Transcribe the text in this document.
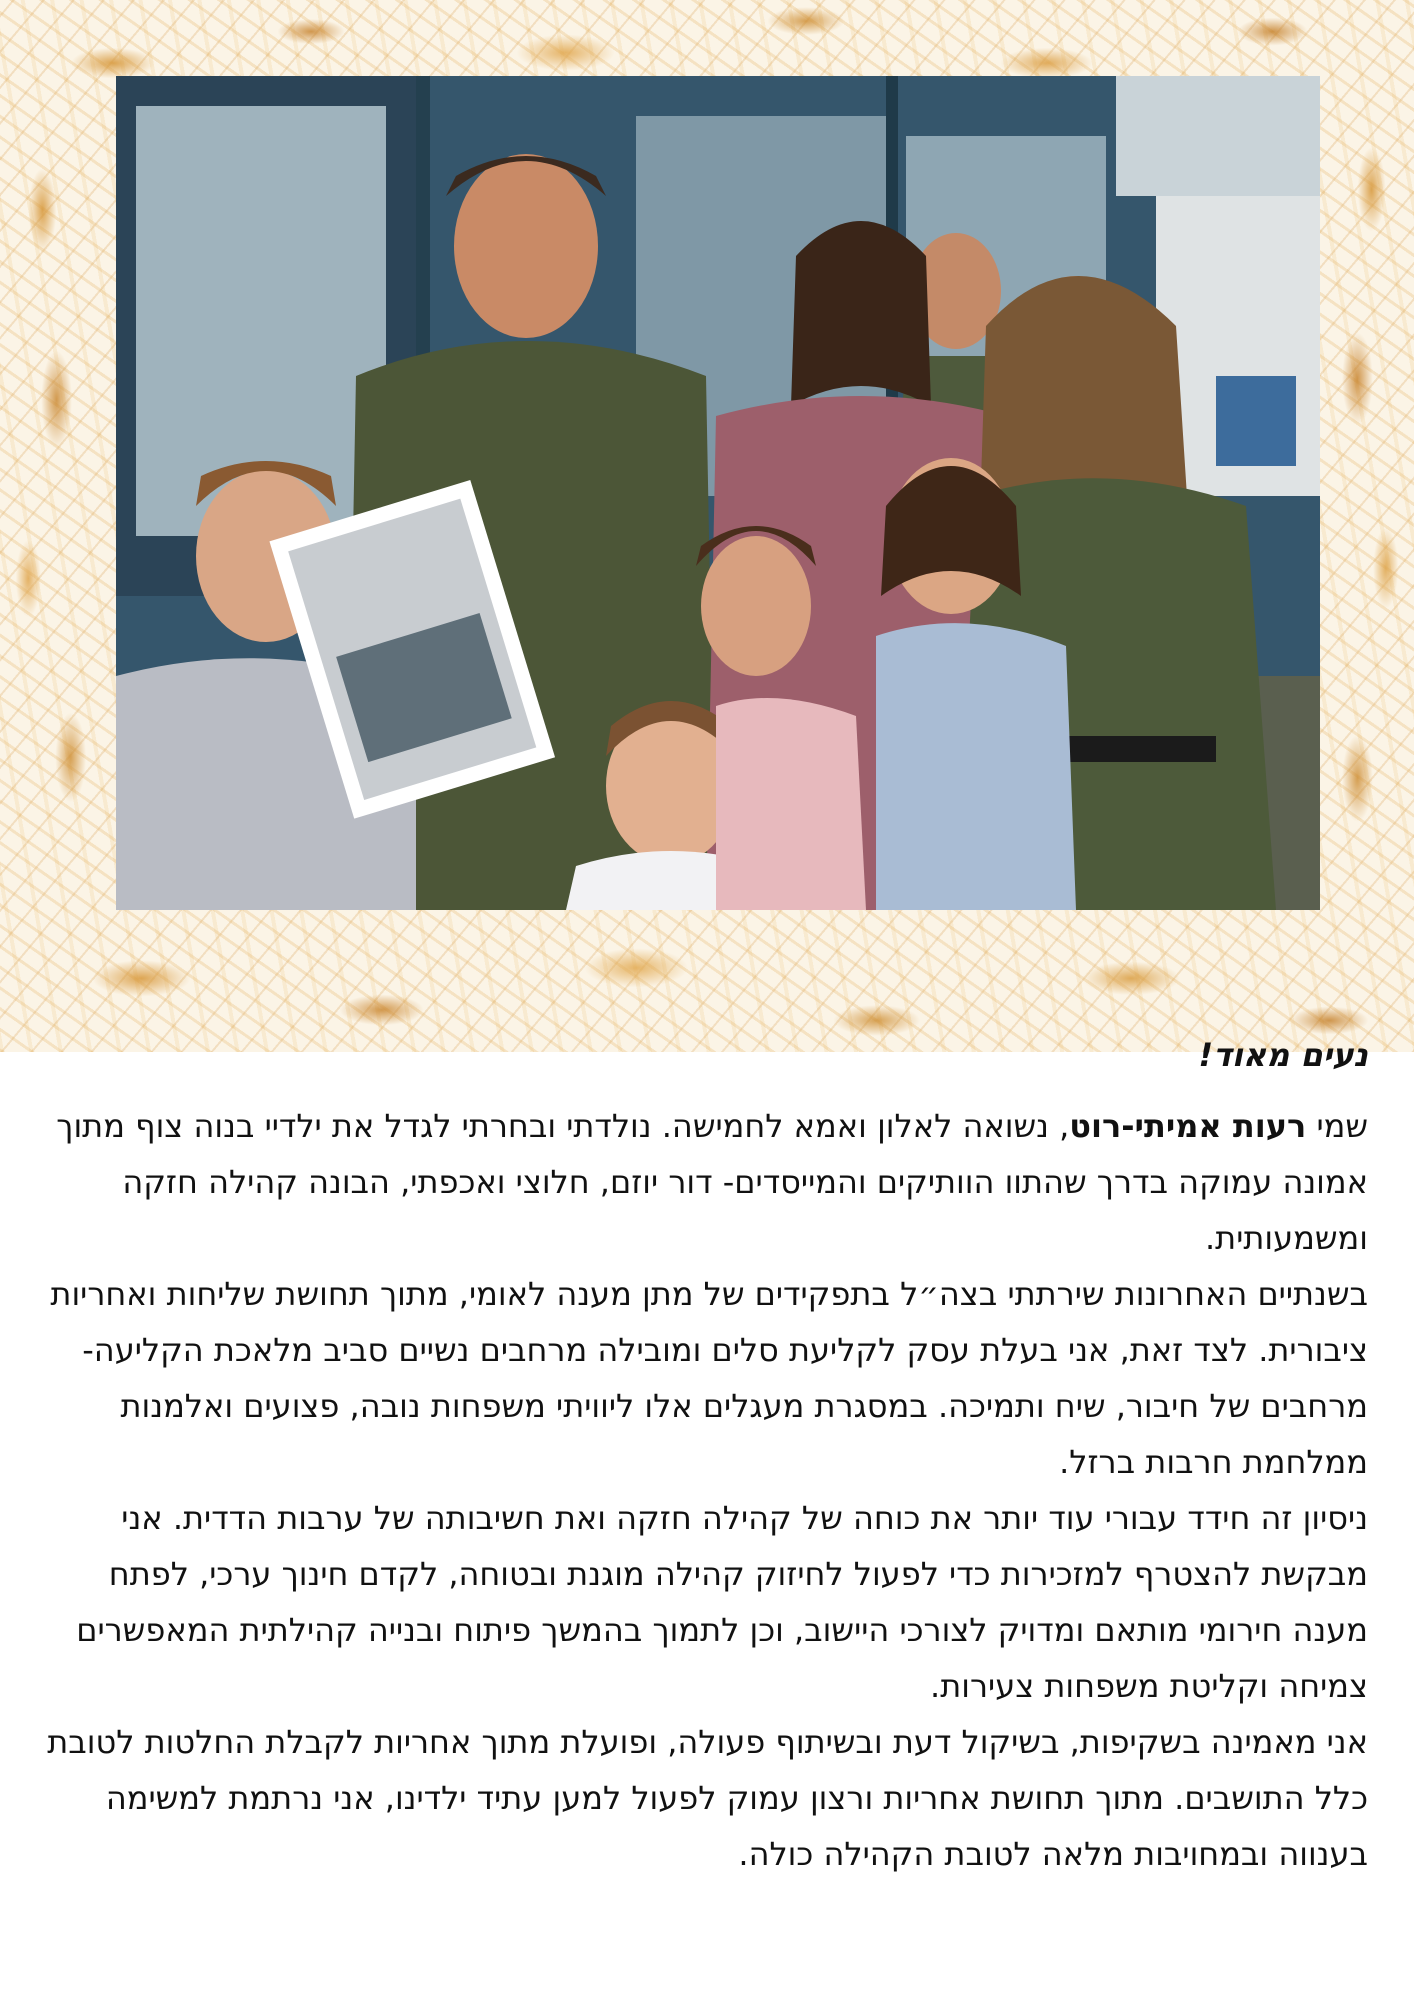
נעים מאוד!

שמי רעות אמיתי-רוט, נשואה לאלון ואמא לחמישה. נולדתי ובחרתי לגדל את ילדיי בנוה צוף מתוך אמונה עמוקה בדרך שהתוו הוותיקים והמייסדים- דור יוזם, חלוצי ואכפתי, הבונה קהילה חזקה ומשמעותית.

בשנתיים האחרונות שירתתי בצה״ל בתפקידים של מתן מענה לאומי, מתוך תחושת שליחות ואחריות ציבורית. לצד זאת, אני בעלת עסק לקליעת סלים ומובילה מרחבים נשיים סביב מלאכת הקליעה- מרחבים של חיבור, שיח ותמיכה. במסגרת מעגלים אלו ליוויתי משפחות נובה, פצועים ואלמנות ממלחמת חרבות ברזל.

ניסיון זה חידד עבורי עוד יותר את כוחה של קהילה חזקה ואת חשיבותה של ערבות הדדית. אני מבקשת להצטרף למזכירות כדי לפעול לחיזוק קהילה מוגנת ובטוחה, לקדם חינוך ערכי, לפתח מענה חירומי מותאם ומדויק לצורכי היישוב, וכן לתמוך בהמשך פיתוח ובנייה קהילתית המאפשרים צמיחה וקליטת משפחות צעירות.

אני מאמינה בשקיפות, בשיקול דעת ובשיתוף פעולה, ופועלת מתוך אחריות לקבלת החלטות לטובת כלל התושבים. מתוך תחושת אחריות ורצון עמוק לפעול למען עתיד ילדינו, אני נרתמת למשימה בענווה ובמחויבות מלאה לטובת הקהילה כולה.
